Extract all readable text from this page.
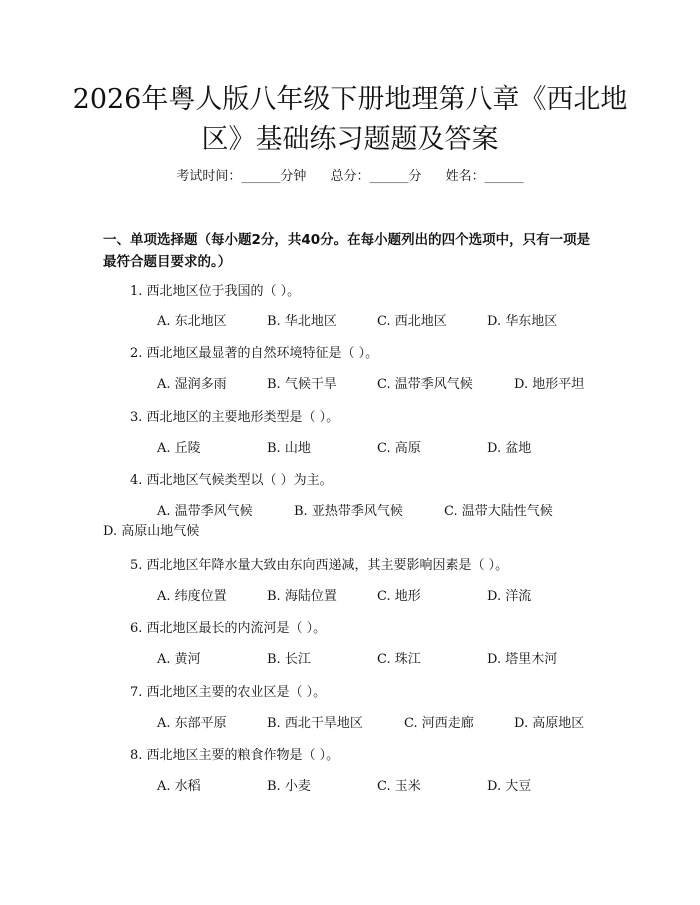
2026年粤人版八年级下册地理第八章《西北地区》基础练习题题及答案
考试时间：______分钟 总分：______分 姓名：______

一、单项选择题（每小题2分，共40分。在每小题列出的四个选项中，只有一项是最符合题目要求的。）

1. 西北地区位于我国的（ ）。
A. 东北地区	B. 华北地区	C. 西北地区	D. 华东地区
2. 西北地区最显著的自然环境特征是（ ）。
A. 湿润多雨	B. 气候干旱	C. 温带季风气候	D. 地形平坦
3. 西北地区的主要地形类型是（ ）。
A. 丘陵	B. 山地	C. 高原	D. 盆地
4. 西北地区气候类型以（ ）为主。
A. 温带季风气候	B. 亚热带季风气候	C. 温带大陆性气候
D. 高原山地气候
5. 西北地区年降水量大致由东向西递减，其主要影响因素是（ ）。
A. 纬度位置	B. 海陆位置	C. 地形	D. 洋流
6. 西北地区最长的内流河是（ ）。
A. 黄河	B. 长江	C. 珠江	D. 塔里木河
7. 西北地区主要的农业区是（ ）。
A. 东部平原	B. 西北干旱地区	C. 河西走廊	D. 高原地区
8. 西北地区主要的粮食作物是（ ）。
A. 水稻	B. 小麦	C. 玉米	D. 大豆
